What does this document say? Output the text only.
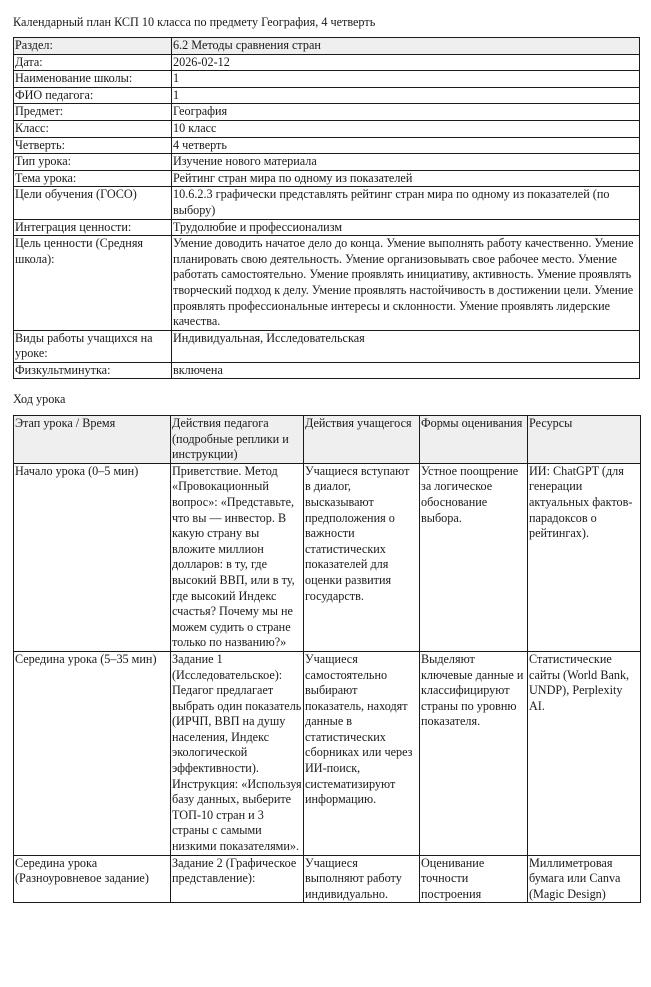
Календарный план КСП 10 класса по предмету География, 4 четверть
Раздел:	6.2 Методы сравнения стран
Дата:	2026-02-12
Наименование школы:	1
ФИО педагога:	1
Предмет:	География
Класс:	10 класс
Четверть:	4 четверть
Тип урока:	Изучение нового материала
Тема урока:	Рейтинг стран мира по одному из показателей
Цели обучения (ГОСО)	10.6.2.3 графически представлять рейтинг стран мира по одному из показателей (по выбору)
Интеграция ценности:	Трудолюбие и профессионализм
Цель ценности (Средняя школа):	Умение доводить начатое дело до конца. Умение выполнять работу качественно. Умение планировать свою деятельность. Умение организовывать свое рабочее место. Умение работать самостоятельно. Умение проявлять инициативу, активность. Умение проявлять творческий подход к делу. Умение проявлять настойчивость в достижении цели. Умение проявлять профессиональные интересы и склонности. Умение проявлять лидерские качества.
Виды работы учащихся на уроке:	Индивидуальная, Исследовательская
Физкультминутка:	включена
Ход урока
Этап урока / Время	Действия педагога (подробные реплики и инструкции)	Действия учащегося	Формы оценивания	Ресурсы
Начало урока (0–5 мин)	Приветствие. Метод «Провокационный вопрос»: «Представьте, что вы — инвестор. В какую страну вы вложите миллион долларов: в ту, где высокий ВВП, или в ту, где высокий Индекс счастья? Почему мы не можем судить о стране только по названию?»	Учащиеся вступают в диалог, высказывают предположения о важности статистических показателей для оценки развития государств.	Устное поощрение за логическое обоснование выбора.	ИИ: ChatGPT (для генерации актуальных фактов-парадоксов о рейтингах).
Середина урока (5–35 мин)	Задание 1 (Исследовательское): Педагог предлагает выбрать один показатель (ИРЧП, ВВП на душу населения, Индекс экологической эффективности). Инструкция: «Используя базу данных, выберите ТОП-10 стран и 3 страны с самыми низкими показателями».	Учащиеся самостоятельно выбирают показатель, находят данные в статистических сборниках или через ИИ-поиск, систематизируют информацию.	Выделяют ключевые данные и классифицируют страны по уровню показателя.	Статистические сайты (World Bank, UNDP), Perplexity AI.
Середина урока (Разноуровневое задание)	Задание 2 (Графическое представление):	Учащиеся выполняют работу индивидуально.	Оценивание точности построения	Миллиметровая бумага или Canva (Magic Design)
